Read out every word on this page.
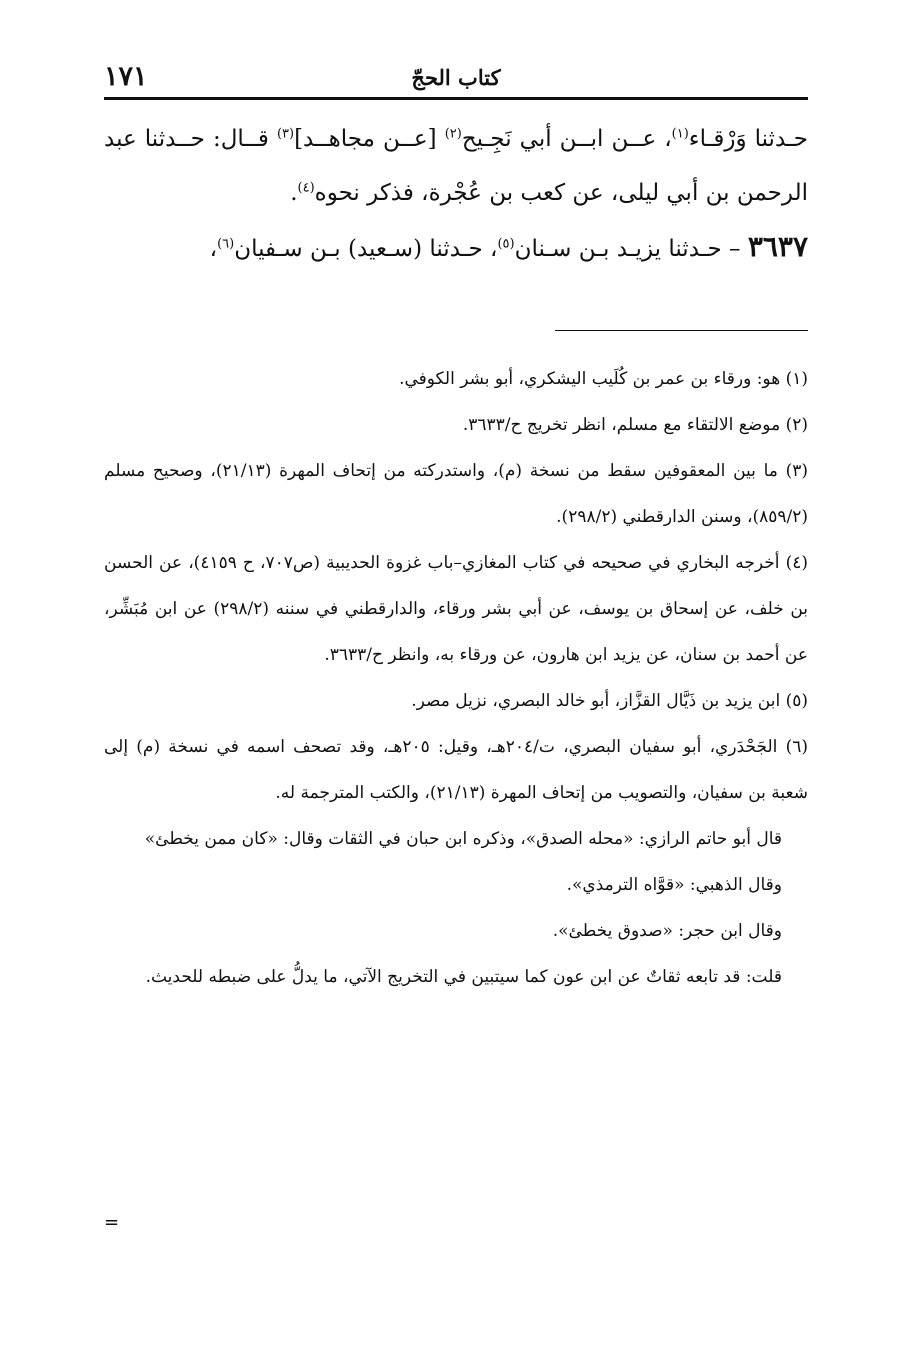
١٧١	كتاب الحجّ

حـدثنا وَرْقـاء$^{(١)}$، عــن ابــن أبي نَجِـيح$^{(٢)}$ [عــن مجاهــد]$^{(٣)}$ قــال: حــدثنا عبد الرحمن بن أبي ليلى، عن كعب بن عُجْرة، فذكر نحوه$^{(٤)}$.

٣٦٣٧ – حـدثنا يزيـد بـن سـنان$^{(٥)}$، حـدثنا (سـعيد) بـن سـفيان$^{(٦)}$،

(١) هو: ورقاء بن عمر بن كُلَيب اليشكري، أبو بشر الكوفي.

(٢) موضع الالتقاء مع مسلم، انظر تخريج ح/٣٦٣٣.

(٣) ما بين المعقوفين سقط من نسخة (م)، واستدركته من إتحاف المهرة (٢١/١٣)، وصحيح مسلم (٨٥٩/٢)، وسنن الدارقطني (٢٩٨/٢).

(٤) أخرجه البخاري في صحيحه في كتاب المغازي–باب غزوة الحديبية (ص٧٠٧، ح ٤١٥٩)، عن الحسن بن خلف، عن إسحاق بن يوسف، عن أبي بشر ورقاء، والدارقطني في سننه (٢٩٨/٢) عن ابن مُبَشِّر، عن أحمد بن سنان، عن يزيد ابن هارون، عن ورقاء به، وانظر ح/٣٦٣٣.

(٥) ابن يزيد بن ذَيَّال القزَّاز، أبو خالد البصري، نزيل مصر.

(٦) الجَحْدَري، أبو سفيان البصري، ت/٢٠٤هـ، وقيل: ٢٠٥هـ، وقد تصحف اسمه في نسخة (م) إلى شعبة بن سفيان، والتصويب من إتحاف المهرة (٢١/١٣)، والكتب المترجمة له.

قال أبو حاتم الرازي: «محله الصدق»، وذكره ابن حبان في الثقات وقال: «كان ممن يخطئ»

وقال الذهبي: «قوَّاه الترمذي».

وقال ابن حجر: «صدوق يخطئ».

قلت: قد تابعه ثقاتٌ عن ابن عون كما سيتبين في التخريج الآتي، ما يدلُّ على ضبطه للحديث.

=
